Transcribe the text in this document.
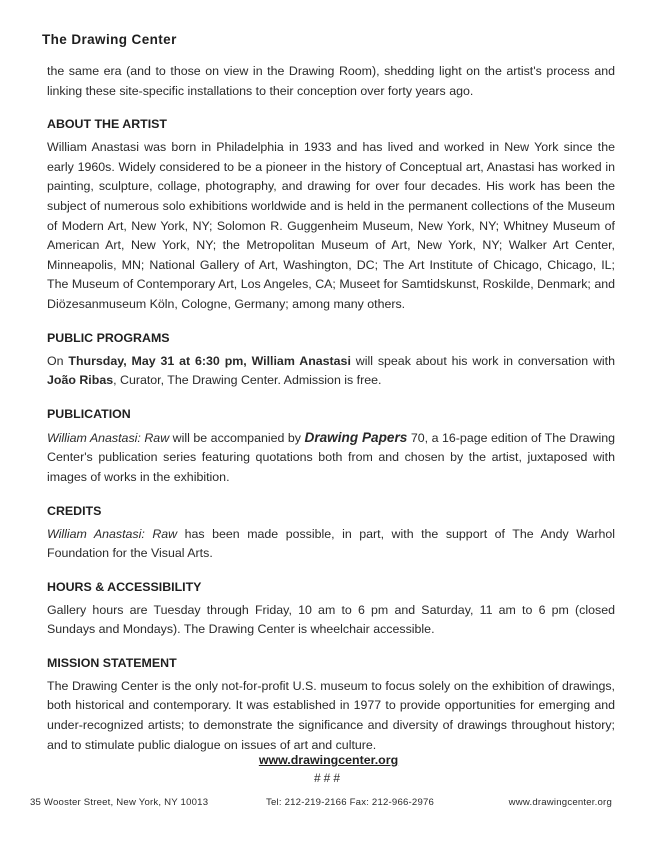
The Drawing Center

the same era (and to those on view in the Drawing Room), shedding light on the artist's process and linking these site-specific installations to their conception over forty years ago.

ABOUT THE ARTIST

William Anastasi was born in Philadelphia in 1933 and has lived and worked in New York since the early 1960s. Widely considered to be a pioneer in the history of Conceptual art, Anastasi has worked in painting, sculpture, collage, photography, and drawing for over four decades. His work has been the subject of numerous solo exhibitions worldwide and is held in the permanent collections of the Museum of Modern Art, New York, NY; Solomon R. Guggenheim Museum, New York, NY; Whitney Museum of American Art, New York, NY; the Metropolitan Museum of Art, New York, NY; Walker Art Center, Minneapolis, MN; National Gallery of Art, Washington, DC; The Art Institute of Chicago, Chicago, IL; The Museum of Contemporary Art, Los Angeles, CA; Museet for Samtidskunst, Roskilde, Denmark; and Diözesanmuseum Köln, Cologne, Germany; among many others.

PUBLIC PROGRAMS

On Thursday, May 31 at 6:30 pm, William Anastasi will speak about his work in conversation with João Ribas, Curator, The Drawing Center. Admission is free.

PUBLICATION

William Anastasi: Raw will be accompanied by Drawing Papers 70, a 16-page edition of The Drawing Center's publication series featuring quotations both from and chosen by the artist, juxtaposed with images of works in the exhibition.

CREDITS

William Anastasi: Raw has been made possible, in part, with the support of The Andy Warhol Foundation for the Visual Arts.

HOURS & ACCESSIBILITY

Gallery hours are Tuesday through Friday, 10 am to 6 pm and Saturday, 11 am to 6 pm (closed Sundays and Mondays). The Drawing Center is wheelchair accessible.

MISSION STATEMENT

The Drawing Center is the only not-for-profit U.S. museum to focus solely on the exhibition of drawings, both historical and contemporary. It was established in 1977 to provide opportunities for emerging and under-recognized artists; to demonstrate the significance and diversity of drawings throughout history; and to stimulate public dialogue on issues of art and culture.

www.drawingcenter.org
###
35 Wooster Street, New York, NY 10013	Tel: 212-219-2166 Fax: 212-966-2976	www.drawingcenter.org
